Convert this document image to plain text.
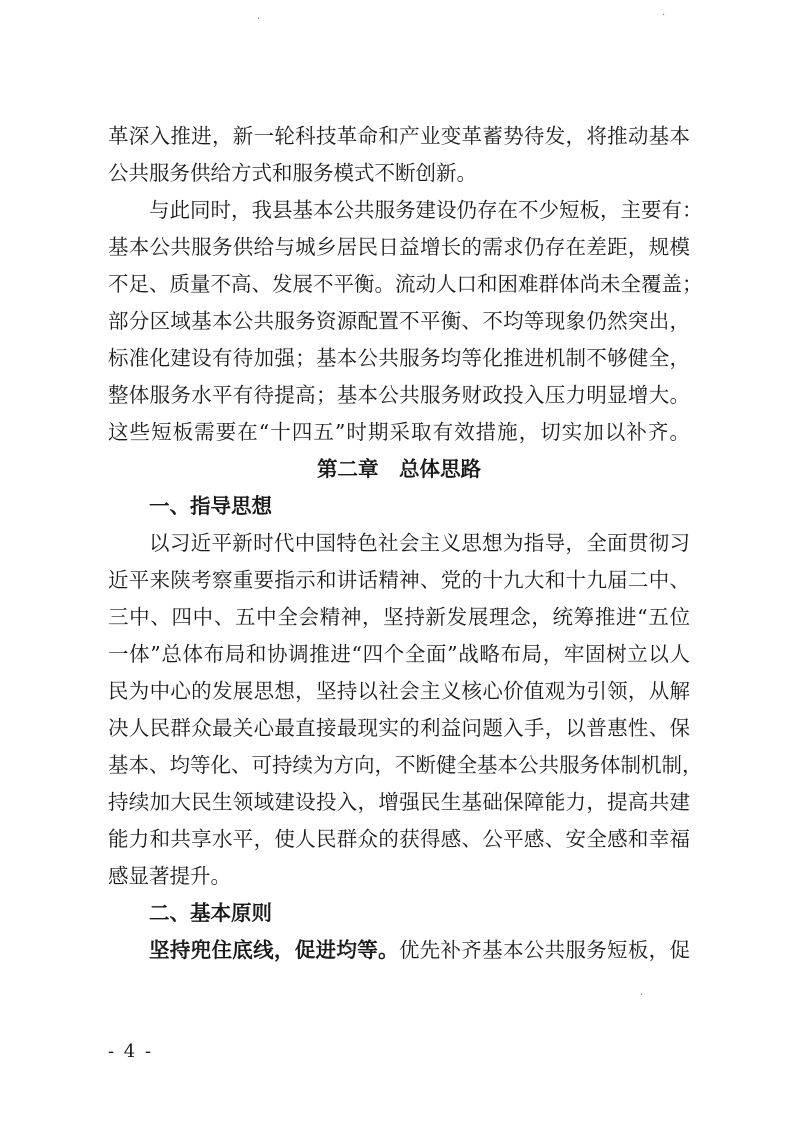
革深入推进，新一轮科技革命和产业变革蓄势待发，将推动基本
公共服务供给方式和服务模式不断创新。
与此同时，我县基本公共服务建设仍存在不少短板，主要有：
基本公共服务供给与城乡居民日益增长的需求仍存在差距，规模
不足、质量不高、发展不平衡。流动人口和困难群体尚未全覆盖；
部分区域基本公共服务资源配置不平衡、不均等现象仍然突出，
标准化建设有待加强；基本公共服务均等化推进机制不够健全，
整体服务水平有待提高；基本公共服务财政投入压力明显增大。
这些短板需要在“十四五”时期采取有效措施，切实加以补齐。
第二章　总体思路
一、指导思想
以习近平新时代中国特色社会主义思想为指导，全面贯彻习
近平来陕考察重要指示和讲话精神、党的十九大和十九届二中、
三中、四中、五中全会精神，坚持新发展理念，统筹推进“五位
一体”总体布局和协调推进“四个全面”战略布局，牢固树立以人
民为中心的发展思想，坚持以社会主义核心价值观为引领，从解
决人民群众最关心最直接最现实的利益问题入手，以普惠性、保
基本、均等化、可持续为方向，不断健全基本公共服务体制机制，
持续加大民生领域建设投入，增强民生基础保障能力，提高共建
能力和共享水平，使人民群众的获得感、公平感、安全感和幸福
感显著提升。
二、基本原则
坚持兜住底线，促进均等。优先补齐基本公共服务短板，促
- 4 -
·	·
·
